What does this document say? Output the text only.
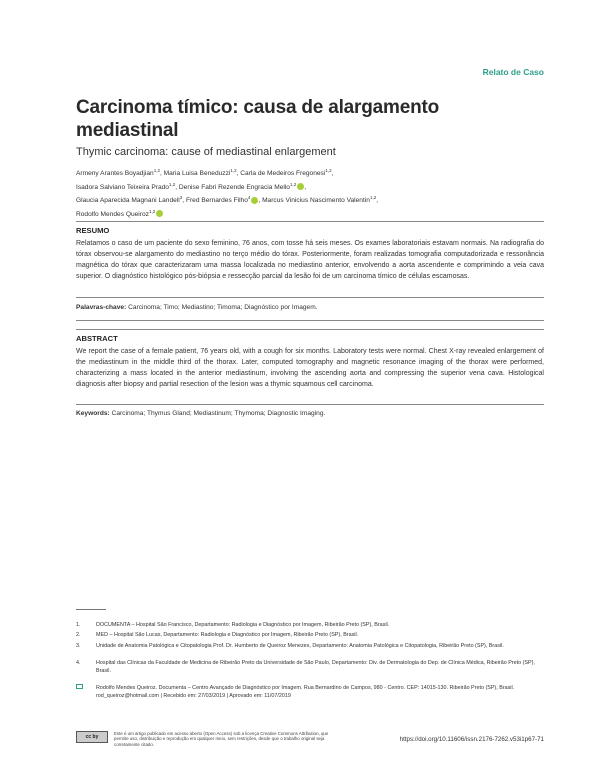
Relato de Caso
Carcinoma tímico: causa de alargamento mediastinal
Thymic carcinoma: cause of mediastinal enlargement
Armeny Arantes Boyadjian$^{1,2}$, Maria Luisa Beneduzzi$^{1,2}$, Carla de Medeiros Fregonesi$^{1,2}$,
Isadora Salviano Teixeira Prado$^{1,2}$, Denise Fabri Rezende Engracia Mello$^{1,2}$ ,
Glaucia Aparecida Magnani Landell$^3$, Fred Bernardes Filho$^4$ , Marcus Vinicius Nascimento Valentin$^{1,2}$,
Rodolfo Mendes Queiroz$^{1,2}$
RESUMO
Relatamos o caso de um paciente do sexo feminino, 76 anos, com tosse há seis meses. Os exames laboratoriais estavam normais. Na radiografia do tórax observou-se alargamento do mediastino no terço médio do tórax. Posteriormente, foram realizadas tomografia computadorizada e ressonância magnética do tórax que caracterizaram uma massa localizada no mediastino anterior, envolvendo a aorta ascendente e comprimindo a veia cava superior. O diagnóstico histológico pós-biópsia e ressecção parcial da lesão foi de um carcinoma tímico de células escamosas.
Palavras-chave: Carcinoma; Timo; Mediastino; Timoma; Diagnóstico por Imagem.
ABSTRACT
We report the case of a female patient, 76 years old, with a cough for six months. Laboratory tests were normal. Chest X-ray revealed enlargement of the mediastinum in the middle third of the thorax. Later, computed tomography and magnetic resonance imaging of the thorax were performed, characterizing a mass located in the anterior mediastinum, involving the ascending aorta and compressing the superior vena cava. Histological diagnosis after biopsy and partial resection of the lesion was a thymic squamous cell carcinoma.
Keywords: Carcinoma; Thymus Gland; Mediastinum; Thymoma; Diagnostic Imaging.
1.	DOCUMENTA – Hospital São Francisco, Departamento: Radiologia e Diagnóstico por Imagem, Ribeirão Preto (SP), Brasil.
2.	MED – Hospital São Lucas, Departamento: Radiologia e Diagnóstico por Imagem, Ribeirão Preto (SP), Brasil.
3.	Unidade de Anatomia Patológica e Citopatologia Prof. Dr. Humberto de Queiroz Menezes, Departamento: Anatomia Patológica e Citopatologia, Ribeirão Preto (SP), Brasil.
4.	Hospital das Clínicas da Faculdade de Medicina de Ribeirão Preto da Universidade de São Paulo, Departamento: Div. de Dermatologia do Dep. de Clínica Médica, Ribeirão Preto (SP), Brasil.
Rodolfo Mendes Queiroz. Documenta – Centro Avançado de Diagnóstico por Imagem. Rua Bernardino de Campos, 980 - Centro. CEP: 14015-130. Ribeirão Preto (SP), Brasil. rod_queiroz@hotmail.com | Recebido em: 27/03/2019 | Aprovado em: 11/07/2019
cc by
Este é um artigo publicado em acesso aberto (Open Access) sob a licença Creative Commons Attribution, que permite uso, distribuição e reprodução em qualquer meio, sem restrições, desde que o trabalho original seja corretamente citado.
https://doi.org/10.11606/issn.2176-7262.v53i1p67-71
